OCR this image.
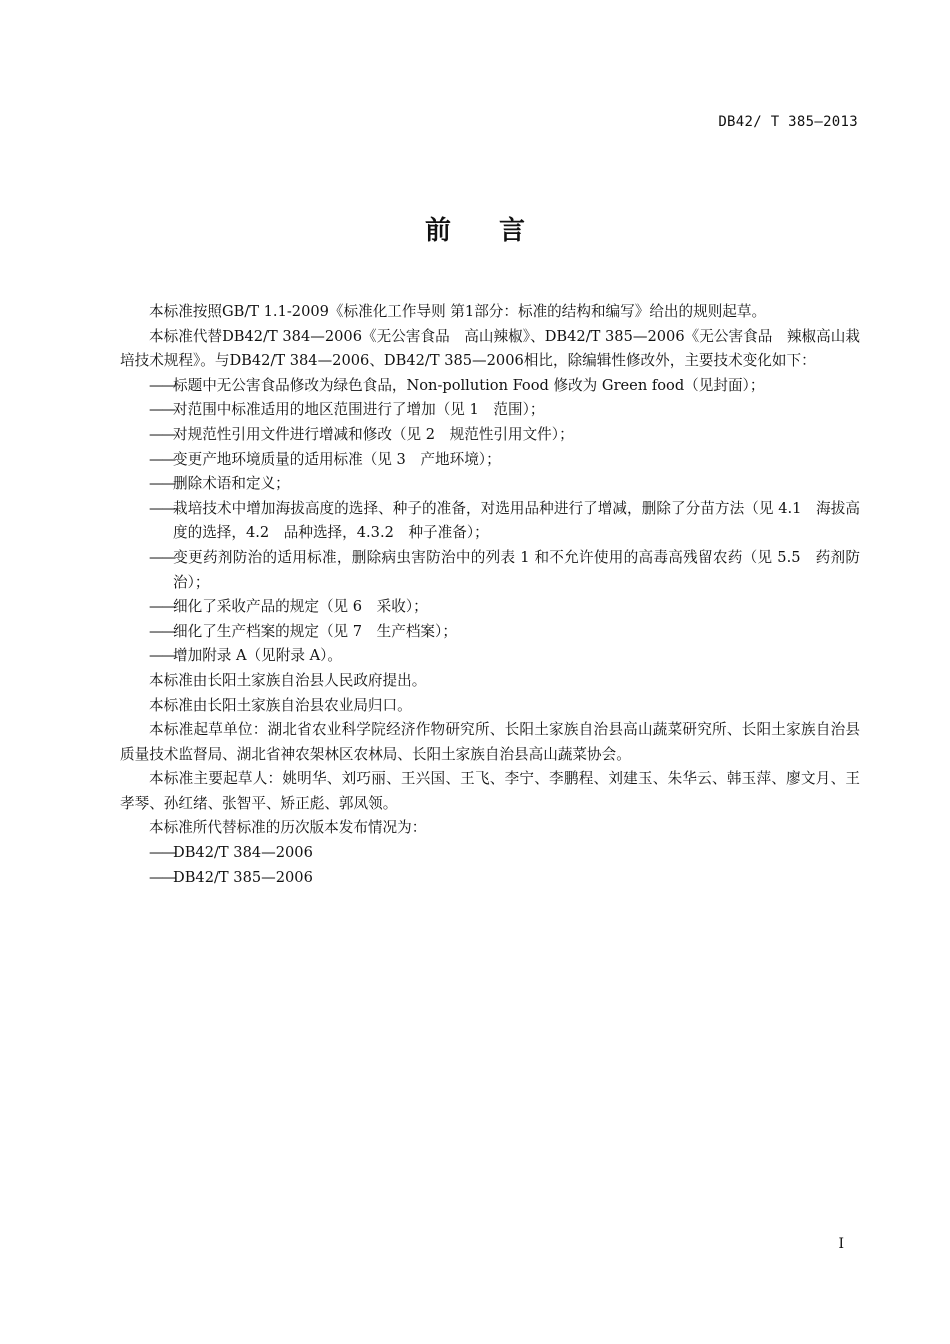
DB42/ T 385—2013
前言

本标准按照GB/T 1.1-2009《标准化工作导则 第1部分：标准的结构和编写》给出的规则起草。

本标准代替DB42/T 384—2006《无公害食品　高山辣椒》、DB42/T 385—2006《无公害食品　辣椒高山栽培技术规程》。与DB42/T 384—2006、DB42/T 385—2006相比，除编辑性修改外，主要技术变化如下：

——标题中无公害食品修改为绿色食品，Non-pollution Food 修改为 Green food（见封面）；

——对范围中标准适用的地区范围进行了增加（见 1　范围）；

——对规范性引用文件进行增减和修改（见 2　规范性引用文件）；

——变更产地环境质量的适用标准（见 3　产地环境）；

——删除术语和定义；

——栽培技术中增加海拔高度的选择、种子的准备，对选用品种进行了增减，删除了分苗方法（见 4.1　海拔高度的选择，4.2　品种选择，4.3.2　种子准备）；

——变更药剂防治的适用标准，删除病虫害防治中的列表 1 和不允许使用的高毒高残留农药（见 5.5　药剂防治）；

——细化了采收产品的规定（见 6　采收）；

——细化了生产档案的规定（见 7　生产档案）；

——增加附录 A（见附录 A）。

本标准由长阳土家族自治县人民政府提出。

本标准由长阳土家族自治县农业局归口。

本标准起草单位：湖北省农业科学院经济作物研究所、长阳土家族自治县高山蔬菜研究所、长阳土家族自治县质量技术监督局、湖北省神农架林区农林局、长阳土家族自治县高山蔬菜协会。

本标准主要起草人：姚明华、刘巧丽、王兴国、王飞、李宁、李鹏程、刘建玉、朱华云、韩玉萍、廖文月、王孝琴、孙红绪、张智平、矫正彪、郭凤领。

本标准所代替标准的历次版本发布情况为：

——DB42/T 384—2006

——DB42/T 385—2006

I
